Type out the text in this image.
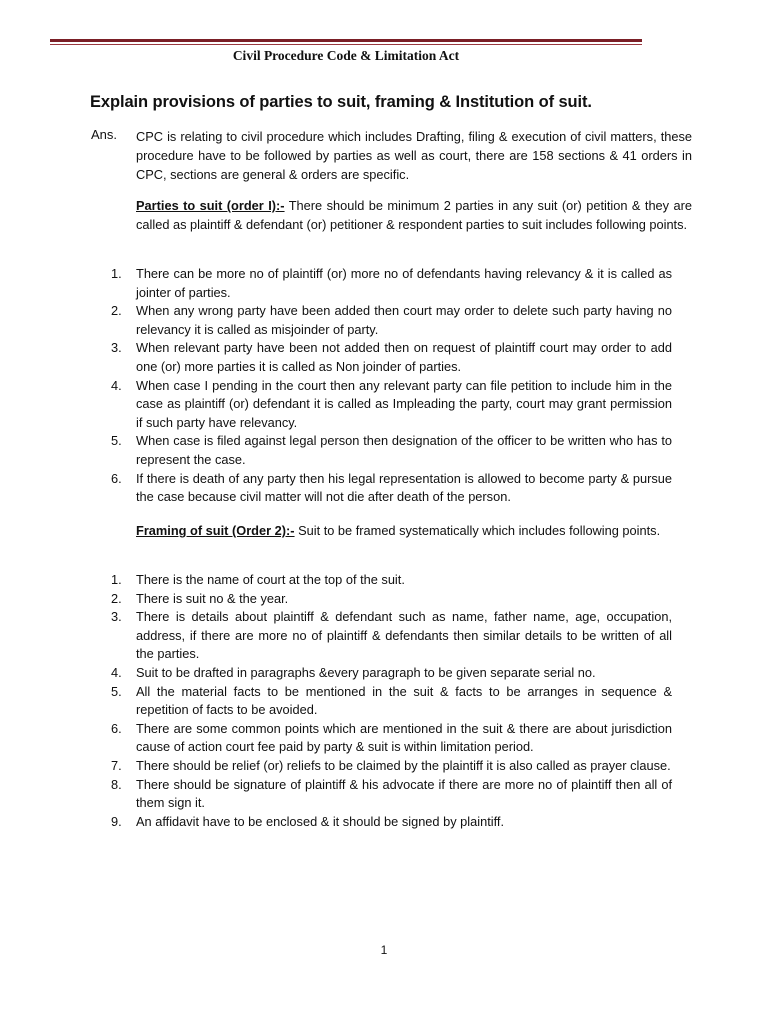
Civil Procedure Code & Limitation Act
Explain provisions of parties to suit, framing & Institution of suit.
Ans. CPC is relating to civil procedure which includes Drafting, filing & execution of civil matters, these procedure have to be followed by parties as well as court, there are 158 sections & 41 orders in CPC, sections are general & orders are specific.
Parties to suit (order I):- There should be minimum 2 parties in any suit (or) petition & they are called as plaintiff & defendant (or) petitioner & respondent parties to suit includes following points.
1. There can be more no of plaintiff (or) more no of defendants having relevancy & it is called as jointer of parties.
2. When any wrong party have been added then court may order to delete such party having no relevancy it is called as misjoinder of party.
3. When relevant party have been not added then on request of plaintiff court may order to add one (or) more parties it is called as Non joinder of parties.
4. When case I pending in the court then any relevant party can file petition to include him in the case as plaintiff (or) defendant it is called as Impleading the party, court may grant permission if such party have relevancy.
5. When case is filed against legal person then designation of the officer to be written who has to represent the case.
6. If there is death of any party then his legal representation is allowed to become party & pursue the case because civil matter will not die after death of the person.
Framing of suit (Order 2):- Suit to be framed systematically which includes following points.
1. There is the name of court at the top of the suit.
2. There is suit no & the year.
3. There is details about plaintiff & defendant such as name, father name, age, occupation, address, if there are more no of plaintiff & defendants then similar details to be written of all the parties.
4. Suit to be drafted in paragraphs &every paragraph to be given separate serial no.
5. All the material facts to be mentioned in the suit & facts to be arranges in sequence & repetition of facts to be avoided.
6. There are some common points which are mentioned in the suit & there are about jurisdiction cause of action court fee paid by party & suit is within limitation period.
7. There should be relief (or) reliefs to be claimed by the plaintiff it is also called as prayer clause.
8. There should be signature of plaintiff & his advocate if there are more no of plaintiff then all of them sign it.
9. An affidavit have to be enclosed & it should be signed by plaintiff.
1
